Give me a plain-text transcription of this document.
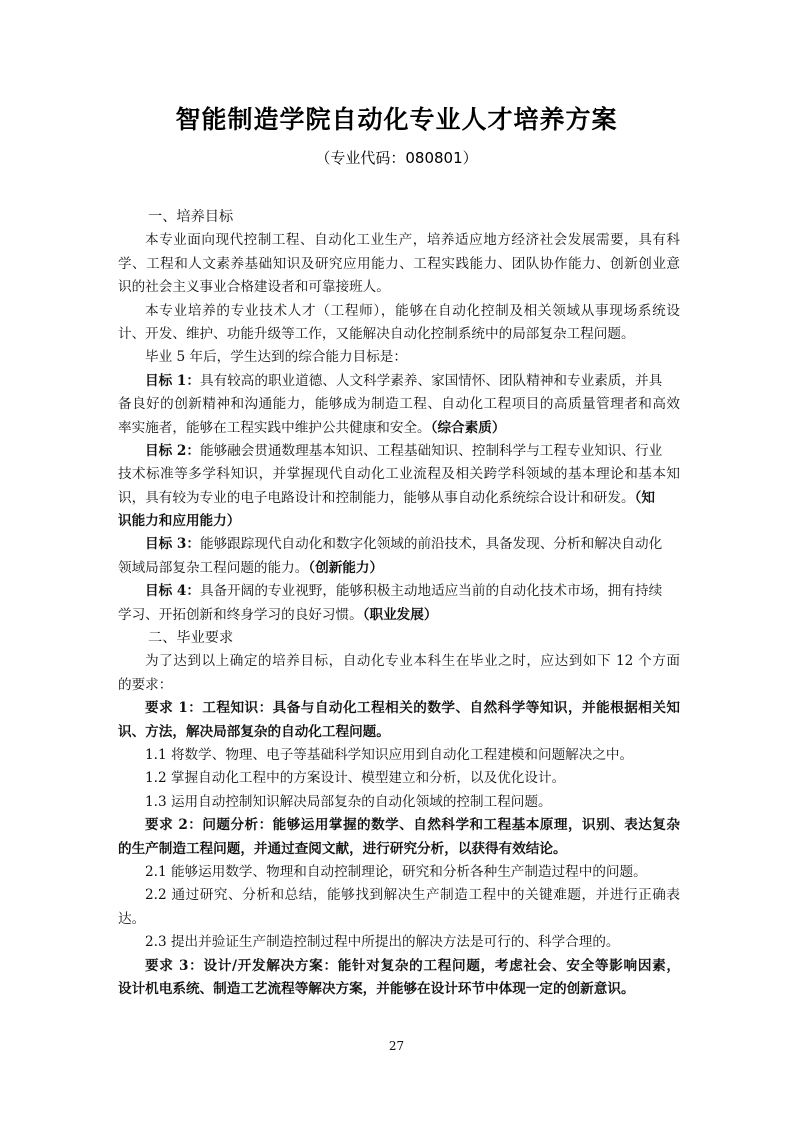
智能制造学院自动化专业人才培养方案
（专业代码：080801）
一、培养目标
本专业面向现代控制工程、自动化工业生产，培养适应地方经济社会发展需要，具有科
学、工程和人文素养基础知识及研究应用能力、工程实践能力、团队协作能力、创新创业意
识的社会主义事业合格建设者和可靠接班人。
本专业培养的专业技术人才（工程师），能够在自动化控制及相关领域从事现场系统设
计、开发、维护、功能升级等工作，又能解决自动化控制系统中的局部复杂工程问题。
毕业 5 年后，学生达到的综合能力目标是：
目标 1：具有较高的职业道德、人文科学素养、家国情怀、团队精神和专业素质，并具
备良好的创新精神和沟通能力，能够成为制造工程、自动化工程项目的高质量管理者和高效
率实施者，能够在工程实践中维护公共健康和安全。（综合素质）
目标 2：能够融会贯通数理基本知识、工程基础知识、控制科学与工程专业知识、行业
技术标准等多学科知识，并掌握现代自动化工业流程及相关跨学科领域的基本理论和基本知
识，具有较为专业的电子电路设计和控制能力，能够从事自动化系统综合设计和研发。（知
识能力和应用能力）
目标 3：能够跟踪现代自动化和数字化领域的前沿技术，具备发现、分析和解决自动化
领域局部复杂工程问题的能力。（创新能力）
目标 4：具备开阔的专业视野，能够积极主动地适应当前的自动化技术市场，拥有持续
学习、开拓创新和终身学习的良好习惯。（职业发展）
二、毕业要求
为了达到以上确定的培养目标，自动化专业本科生在毕业之时，应达到如下 12 个方面
的要求：
要求 1：工程知识：具备与自动化工程相关的数学、自然科学等知识，并能根据相关知
识、方法，解决局部复杂的自动化工程问题。
1.1 将数学、物理、电子等基础科学知识应用到自动化工程建模和问题解决之中。
1.2 掌握自动化工程中的方案设计、模型建立和分析，以及优化设计。
1.3 运用自动控制知识解决局部复杂的自动化领域的控制工程问题。
要求 2：问题分析：能够运用掌握的数学、自然科学和工程基本原理，识别、表达复杂
的生产制造工程问题，并通过查阅文献，进行研究分析，以获得有效结论。
2.1 能够运用数学、物理和自动控制理论，研究和分析各种生产制造过程中的问题。
2.2 通过研究、分析和总结，能够找到解决生产制造工程中的关键难题，并进行正确表
达。
2.3 提出并验证生产制造控制过程中所提出的解决方法是可行的、科学合理的。
要求 3：设计/开发解决方案：能针对复杂的工程问题，考虑社会、安全等影响因素，
设计机电系统、制造工艺流程等解决方案，并能够在设计环节中体现一定的创新意识。
27
